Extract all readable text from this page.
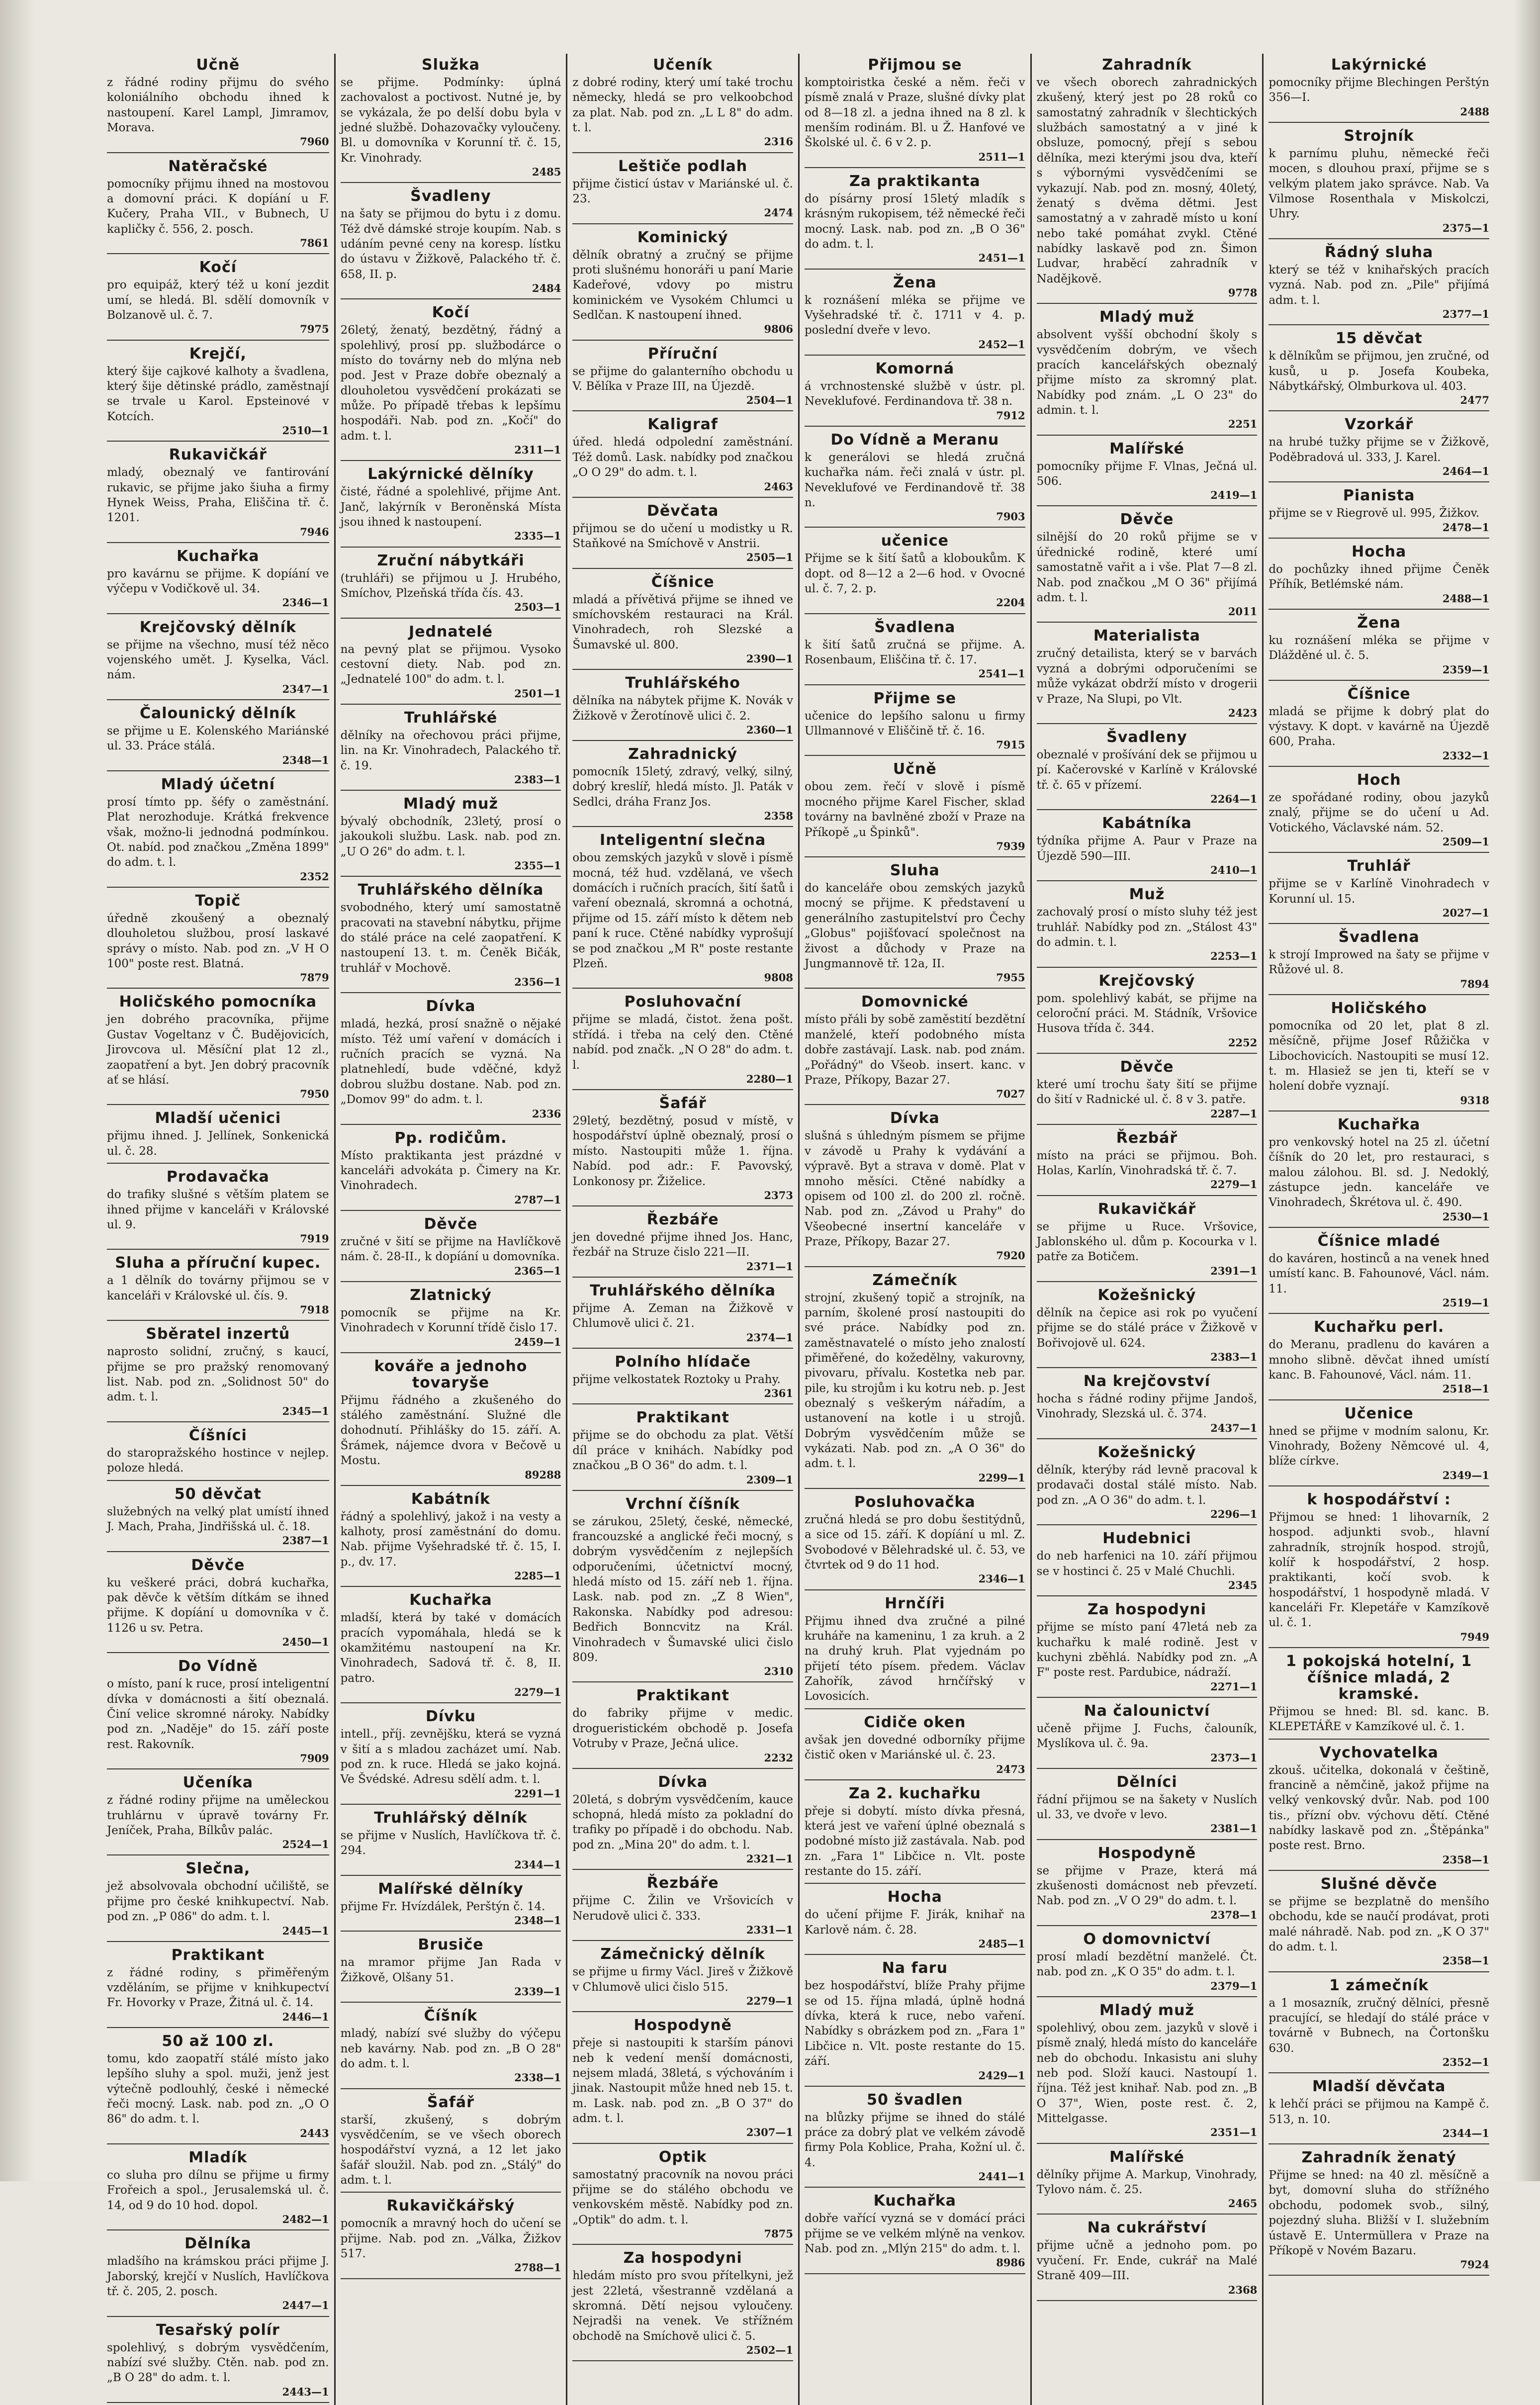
Učně

z řádné rodiny přijmu do svého koloniálního obchodu ihned k nastoupení. Karel Lampl, Jimramov, Morava.

7960
Natěračské

pomocníky přijmu ihned na mostovou a domovní práci. K dopíání u F. Kučery, Praha VII., v Bubnech, U kapličky č. 556, 2. posch.

7861
Kočí

pro equipáž, který též u koní jezdit umí, se hledá. Bl. sdělí domovník v Bolzanově ul. č. 7.

7975
Krejčí,

který šije cajkové kalhoty a švadlena, který šije dětinské prádlo, zaměstnají se trvale u Karol. Epsteinové v Kotcích.

2510—1
Rukavičkář

mladý, obeznalý ve fantirování rukavic, se přijme jako šiuha a firmy Hynek Weiss, Praha, Eliščina tř. č. 1201.

7946
Kuchařka

pro kavárnu se přijme. K dopíání ve výčepu v Vodičkově ul. 34.

2346—1
Krejčovský dělník

se přijme na všechno, musí též něco vojenského umět. J. Kyselka, Václ. nám.

2347—1
Čalounický dělník

se přijme u E. Kolenského Mariánské ul. 33. Práce stálá.

2348—1
Mladý účetní

prosí tímto pp. šéfy o zaměstnání. Plat nerozhoduje. Krátká frekvence však, možno-li jednodná podmínkou. Ot. nabíd. pod značkou „Změna 1899" do adm. t. l.

2352
Topič

úředně zkoušený a obeznalý dlouholetou službou, prosí laskavé správy o místo. Nab. pod zn. „V H O 100" poste rest. Blatná.

7879
Holičského pomocníka

jen dobrého pracovníka, přijme Gustav Vogeltanz v Č. Budějovicích, Jirovcova ul. Měsíční plat 12 zl., zaopatření a byt. Jen dobrý pracovník ať se hlásí.

7950
Mladší učenici

přijmu ihned. J. Jellínek, Sonkenická ul. č. 28.

Prodavačka

do trafiky slušné s větším platem se ihned přijme v kanceláři v Královské ul. 9.

7919
Sluha a příruční kupec.

a 1 dělník do továrny přijmou se v kanceláři v Královské ul. čís. 9.

7918
Sběratel inzertů

naprosto solidní, zručný, s kaucí, přijme se pro pražský renomovaný list. Nab. pod zn. „Solidnost 50" do adm. t. l.

2345—1
Číšníci

do staropražského hostince v nejlep. poloze hledá.

50 děvčat

služebných na velký plat umístí ihned J. Mach, Praha, Jindřišská ul. č. 18.

2387—1
Děvče

ku veškeré práci, dobrá kuchařka, pak děvče k větším dítkám se ihned přijme. K dopíání u domovníka v č. 1126 u sv. Petra.

2450—1
Do Vídně

o místo, paní k ruce, prosí inteligentní dívka v domácnosti a šití obeznalá. Činí velice skromné nároky. Nabídky pod zn. „Naděje" do 15. září poste rest. Rakovník.

7909
Učeníka

z řádné rodiny přijme na uměleckou truhlárnu v úpravě továrny Fr. Jeníček, Praha, Bílkův palác.

2524—1
Slečna,

jež absolvovala obchodní učiliště, se přijme pro české knihkupectví. Nab. pod zn. „P 086" do adm. t. l.

2445—1
Praktikant

z řádné rodiny, s přiměřeným vzděláním, se přijme v knihkupectví Fr. Hovorky v Praze, Žitná ul. č. 14.

2446—1
50 až 100 zl.

tomu, kdo zaopatří stálé místo jako lepšího sluhy a spol. muži, jenž jest výtečně podlouhlý, české i německé řeči mocný. Lask. nab. pod zn. „O O 86" do adm. t. l.

2443
Mladík

co sluha pro dílnu se přijme u firmy Frořeich a spol., Jerusalemská ul. č. 14, od 9 do 10 hod. dopol.

2482—1
Dělníka

mladšího na krámskou práci přijme J. Jaborský, krejčí v Nuslích, Havlíčkova tř. č. 205, 2. posch.

2447—1
Tesařský polír

spolehlivý, s dobrým vysvědčením, nabízí své služby. Ctěn. nab. pod zn. „B O 28" do adm. t. l.

2443—1
Služka

se přijme. Podmínky: úplná zachovalost a poctivost. Nutné je, by se vykázala, že po delší dobu byla v jedné službě. Dohazovačky vyloučeny. Bl. u domovníka v Korunní tř. č. 15, Kr. Vinohrady.

2485
Švadleny

na šaty se přijmou do bytu i z domu. Též dvě dámské stroje koupím. Nab. s udáním pevné ceny na koresp. lístku do ústavu v Žižkově, Palackého tř. č. 658, II. p.

2484
Kočí

26letý, ženatý, bezdětný, řádný a spolehlivý, prosí pp. službodárce o místo do továrny neb do mlýna neb pod. Jest v Praze dobře obeznalý a dlouholetou vysvědčení prokázati se může. Po případě třebas k lepšímu hospodáři. Nab. pod zn. „Kočí" do adm. t. l.

2311—1
Lakýrnické dělníky

čisté, řádné a spolehlivé, přijme Ant. Janč, lakýrník v Beroněnská Místa jsou ihned k nastoupení.

2335—1
Zruční nábytkáři

(truhláři) se přijmou u J. Hrubého, Smíchov, Plzeňská třída čís. 43.

2503—1
Jednatelé

na pevný plat se přijmou. Vysoko cestovní diety. Nab. pod zn. „Jednatelé 100" do adm. t. l.

2501—1
Truhlářské

dělníky na ořechovou práci přijme, lin. na Kr. Vinohradech, Palackého tř. č. 19.

2383—1
Mladý muž

bývalý obchodník, 23letý, prosí o jakoukoli službu. Lask. nab. pod zn. „U O 26" do adm. t. l.

2355—1
Truhlářského dělníka

svobodného, který umí samostatně pracovati na stavební nábytku, přijme do stálé práce na celé zaopatření. K nastoupení 13. t. m. Čeněk Bičák, truhlář v Mochově.

2356—1
Dívka

mladá, hezká, prosí snažně o nějaké místo. Též umí vaření v domácích i ručních pracích se vyzná. Na platnehledí, bude vděčné, když dobrou službu dostane. Nab. pod zn. „Domov 99" do adm. t. l.

2336
Pp. rodičům.

Místo praktikanta jest prázdné v kanceláři advokáta p. Čimery na Kr. Vinohradech.

2787—1
Děvče

zručné v šití se přijme na Havlíčkově nám. č. 28-II., k dopíání u domovníka.

2365—1
Zlatnický

pomocník se přijme na Kr. Vinohradech v Korunní třídě čislo 17.

2459—1
kováře a jednoho tovaryše

Přijmu řádného a zkušeného do stálého zaměstnání. Služné dle dohodnutí. Přihlášky do 15. září. A. Šrámek, nájemce dvora v Bečově u Mostu.

89288
Kabátník

řádný a spolehlivý, jakož i na vesty a kalhoty, prosí zaměstnání do domu. Nab. přijme Vyšehradské tř. č. 15, I. p., dv. 17.

2285—1
Kuchařka

mladší, která by také v domácích pracích vypomáhala, hledá se k okamžitému nastoupení na Kr. Vinohradech, Sadová tř. č. 8, II. patro.

2279—1
Dívku

intell., příj. zevnějšku, která se vyzná v šití a s mladou zacházet umí. Nab. pod zn. k ruce. Hledá se jako kojná. Ve Švédské. Adresu sdělí adm. t. l.

2291—1
Truhlářský dělník

se přijme v Nuslích, Havlíčkova tř. č. 294.

2344—1
Malířské dělníky

přijme Fr. Hvízdálek, Perštýn č. 14.

2348—1
Brusiče

na mramor přijme Jan Rada v Žižkově, Olšany 51.

2339—1
Číšník

mladý, nabízí své služby do výčepu neb kavárny. Nab. pod zn. „B O 28" do adm. t. l.

2338—1
Šafář

starší, zkušený, s dobrým vysvědčením, se ve všech oborech hospodářství vyzná, a 12 let jako šafář sloužil. Nab. pod zn. „Stálý" do adm. t. l.

Rukavičkářský

pomocník a mravný hoch do učení se přijme. Nab. pod zn. „Válka, Žižkov 517.

2788—1
Učeník

z dobré rodiny, který umí také trochu německy, hledá se pro velkoobchod za plat. Nab. pod zn. „L L 8" do adm. t. l.

2316
Leštiče podlah

přijme čisticí ústav v Mariánské ul. č. 23.

2474
Kominický

dělník obratný a zručný se přijme proti slušnému honoráři u paní Marie Kadeřové, vdovy po mistru kominickém ve Vysokém Chlumci u Sedlčan. K nastoupení ihned.

9806
Příruční

se přijme do galanterního obchodu u V. Bělíka v Praze III, na Újezdě.

2504—1
Kaligraf

úřed. hledá odpolední zaměstnání. Též domů. Lask. nabídky pod značkou „O O 29" do adm. t. l.

2463
Děvčata

přijmou se do učení u modistky u R. Staňkové na Smíchově v Anstrii.

2505—1
Číšnice

mladá a přívětivá přijme se ihned ve smíchovském restauraci na Král. Vinohradech, roh Slezské a Šumavské ul. 800.

2390—1
Truhlářského

dělníka na nábytek přijme K. Novák v Žižkově v Žerotínově ulici č. 2.

2360—1
Zahradnický

pomocník 15letý, zdravý, velký, silný, dobrý kreslíř, hledá místo. Jl. Paták v Sedlci, dráha Franz Jos.

2358
Inteligentní slečna

obou zemských jazyků v slově i písmě mocná, též hud. vzdělaná, ve všech domácích i ručních pracích, šití šatů i vaření obeznalá, skromná a ochotná, přijme od 15. září místo k dětem neb paní k ruce. Ctěné nabídky vyprošují se pod značkou „M R" poste restante Plzeň.

9808
Posluhovační

přijme se mladá, čistot. žena pošt. střídá. i třeba na celý den. Ctěné nabíd. pod značk. „N O 28" do adm. t. l.

2280—1
Šafář

29letý, bezdětný, posud v místě, v hospodářství úplně obeznalý, prosí o místo. Nastoupiti může 1. října. Nabíd. pod adr.: F. Pavovský, Lonkonosy pr. Žiželice.

2373
Řezbáře

jen dovedné přijme ihned Jos. Hanc, řezbář na Struze čislo 221—II.

2371—1
Truhlářského dělníka

přijme A. Zeman na Žižkově v Chlumově ulici č. 21.

2374—1
Polního hlídače

přijme velkostatek Roztoky u Prahy.

2361
Praktikant

přijme se do obchodu za plat. Větší díl práce v knihách. Nabídky pod značkou „B O 36" do adm. t. l.

2309—1
Vrchní číšník

se zárukou, 25letý, české, německé, francouzské a anglické řeči mocný, s dobrým vysvědčením z nejlepších odporučeními, účetnictví mocný, hledá místo od 15. září neb 1. října. Lask. nab. pod zn. „Z 8 Wien", Rakonska. Nabídky pod adresou: Bedřich Bonncvitz na Král. Vinohradech v Šumavské ulici čislo 809.

2310
Praktikant

do fabriky přijme v medic. drogueristickém obchodě p. Josefa Votruby v Praze, Ječná ulice.

2232
Dívka

20letá, s dobrým vysvědčením, kauce schopná, hledá místo za pokladní do trafiky po případě i do obchodu. Nab. pod zn. „Mina 20" do adm. t. l.

2321—1
Řezbáře

přijme C. Žilin ve Vršovicích v Nerudově ulici č. 333.

2331—1
Zámečnický dělník

se přijme u firmy Václ. Jireš v Žižkově v Chlumově ulici čislo 515.

2279—1
Hospodyně

přeje si nastoupiti k starším pánovi neb k vedení menší domácnosti, nejsem mladá, 38letá, s výchováním i jinak. Nastoupit může hned neb 15. t. m. Lask. nab. pod zn. „B O 37" do adm. t. l.

2307—1
Optik

samostatný pracovník na novou práci přijme se do stálého obchodu ve venkovském městě. Nabídky pod zn. „Optik" do adm. t. l.

7875
Za hospodyni

hledám místo pro svou přítelkyni, jež jest 22letá, všestranně vzdělaná a skromná. Dětí nejsou vyloučeny. Nejradši na venek. Ve střížném obchodě na Smíchově ulici č. 5.

2502—1
Přijmou se

komptoiristka české a něm. řeči v písmě znalá v Praze, slušné dívky plat od 8—18 zl. a jedna ihned na 8 zl. k menším rodinám. Bl. u Ž. Hanfové ve Školské ul. č. 6 v 2. p.

2511—1
Za praktikanta

do písárny prosí 15letý mladík s krásným rukopisem, též německé řeči mocný. Lask. nab. pod zn. „B O 36" do adm. t. l.

2451—1
Žena

k roznášení mléka se přijme ve Vyšehradské tř. č. 1711 v 4. p. poslední dveře v levo.

2452—1
Komorná

á vrchnostenské službě v ústr. pl. Neveklufové. Ferdinandova tř. 38 n.

7912
Do Vídně a Meranu

k generálovi se hledá zručná kuchařka nám. řeči znalá v ústr. pl. Neveklufové ve Ferdinandově tř. 38 n.

7903
učenice

Přijme se k šití šatů a kloboukům. K dopt. od 8—12 a 2—6 hod. v Ovocné ul. č. 7, 2. p.

2204
Švadlena

k šití šatů zručná se přijme. A. Rosenbaum, Eliščina tř. č. 17.

2541—1
Přijme se

učenice do lepšího salonu u firmy Ullmannové v Eliščině tř. č. 16.

7915
Učně

obou zem. řečí v slově i písmě mocného přijme Karel Fischer, sklad továrny na bavlněné zboží v Praze na Příkopě „u Špinků".

7939
Sluha

do kanceláře obou zemských jazyků mocný se přijme. K představení u generálního zastupitelství pro Čechy „Globus" pojišťovací společnost na živost a důchody v Praze na Jungmannově tř. 12a, II.

7955
Domovnické

místo přáli by sobě zaměstití bezdětní manželé, kteří podobného místa dobře zastávají. Lask. nab. pod znám. „Pořádný" do Všeob. insert. kanc. v Praze, Příkopy, Bazar 27.

7027
Dívka

slušná s úhledným písmem se přijme v závodě u Prahy k vydávání a výpravě. Byt a strava v domě. Plat v mnoho měsíci. Ctěné nabídky a opisem od 100 zl. do 200 zl. ročně. Nab. pod zn. „Závod u Prahy" do Všeobecné insertní kanceláře v Praze, Příkopy, Bazar 27.

7920
Zámečník

strojní, zkušený topič a strojník, na parním, školené prosí nastoupiti do své práce. Nabídky pod zn. zaměstnavatelé o místo jeho znalostí přiměřené, do kožedělny, vakurovny, pivovaru, přívalu. Kostetka neb par. pile, ku strojům i ku kotru neb. p. Jest obeznalý s veškerým nářadím, a ustanovení na kotle i u strojů. Dobrým vysvědčením může se vykázati. Nab. pod zn. „A O 36" do adm. t. l.

2299—1
Posluhovačka

zručná hledá se pro dobu šestitýdnů, a sice od 15. září. K dopíání u ml. Z. Svobodové v Bělehradské ul. č. 53, ve čtvrtek od 9 do 11 hod.

2346—1
Hrnčíři

Přijmu ihned dva zručné a pilné kruháře na kameninu, 1 za kruh. a 2 na druhý kruh. Plat vyjednám po přijetí této písem. předem. Václav Zahořík, závod hrnčířský v Lovosicích.

Cidiče oken

avšak jen dovedné odborníky přijme čistič oken v Mariánské ul. č. 23.

2473
Za 2. kuchařku

přeje si dobytí. místo dívka přesná, která jest ve vaření úplné obeznalá s podobné místo již zastávala. Nab. pod zn. „Fara 1" Libčice n. Vlt. poste restante do 15. září.

Hocha

do učení přijme F. Jirák, knihař na Karlově nám. č. 28.

2485—1
Na faru

bez hospodářství, blíže Prahy přijme se od 15. října mladá, úplně hodná dívka, která k ruce, nebo vaření. Nabídky s obrázkem pod zn. „Fara 1" Libčice n. Vlt. poste restante do 15. září.

2429—1
50 švadlen

na blůzky přijme se ihned do stálé práce za dobrý plat ve velkém závodě firmy Pola Koblice, Praha, Kožní ul. č. 4.

2441—1
Kuchařka

dobře vařící vyzná se v domácí práci přijme se ve velkém mlýně na venkov. Nab. pod zn. „Mlýn 215" do adm. t. l.

8986
Zahradník

ve všech oborech zahradnických zkušený, který jest po 28 roků co samostatný zahradník v šlechtických službách samostatný a v jiné k obsluze, pomocný, přejí s sebou dělníka, mezi kterými jsou dva, kteří s výbornými vysvědčeními se vykazují. Nab. pod zn. mosný, 40letý, ženatý s dvěma dětmi. Jest samostatný a v zahradě místo u koní nebo také pomáhat zvykl. Ctěné nabídky laskavě pod zn. Šimon Ludvar, hraběcí zahradník v Nadějkově.

9778
Mladý muž

absolvent vyšší obchodní školy s vysvědčením dobrým, ve všech pracích kancelářských obeznalý přijme místo za skromný plat. Nabídky pod znám. „L O 23" do admin. t. l.

2251
Malířské

pomocníky přijme F. Vlnas, Ječná ul. 506.

2419—1
Děvče

silnější do 20 roků přijme se v úřednické rodině, které umí samostatně vařit a i vše. Plat 7—8 zl. Nab. pod značkou „M O 36" přijímá adm. t. l.

2011
Materialista

zručný detailista, který se v barvách vyzná a dobrými odporučeními se může vykázat obdrží místo v drogerii v Praze, Na Slupi, po Vlt.

2423
Švadleny

obeznalé v prošívání dek se přijmou u pí. Kačerovské v Karlíně v Královské tř. č. 65 v přízemí.

2264—1
Kabátníka

týdníka přijme A. Paur v Praze na Újezdě 590—III.

2410—1
Muž

zachovalý prosí o místo sluhy též jest truhlář. Nabídky pod zn. „Stálost 43" do admin. t. l.

2253—1
Krejčovský

pom. spolehlivý kabát, se přijme na celoroční práci. M. Stádník, Vršovice Husova třída č. 344.

2252
Děvče

které umí trochu šaty šití se přijme do šití v Radnické ul. č. 8 v 3. patře.

2287—1
Řezbář

místo na práci se přijmou. Boh. Holas, Karlín, Vinohradská tř. č. 7.

2279—1
Rukavičkář

se přijme u Ruce. Vršovice, Jablonského ul. dům p. Kocourka v l. patře za Botičem.

2391—1
Kožešnický

dělník na čepice asi rok po vyučení přijme se do stálé práce v Žižkově v Bořivojově ul. 624.

2383—1
Na krejčovství

hocha s řádné rodiny přijme Jandoš, Vinohrady, Slezská ul. č. 374.

2437—1
Kožešnický

dělník, kterýby rád levně pracoval k prodavači dostal stálé místo. Nab. pod zn. „A O 36" do adm. t. l.

2296—1
Hudebnici

do neb harfenici na 10. září přijmou se v hostinci č. 25 v Malé Chuchli.

2345
Za hospodyni

přijme se místo paní 47letá neb za kuchařku k malé rodině. Jest v kuchyni zběhlá. Nabídky pod zn. „A F" poste rest. Pardubice, nádraží.

2271—1
Na čalounictví

učeně přijme J. Fuchs, čalouník, Myslíkova ul. č. 9a.

2373—1
Dělníci

řádní přijmou se na šakety v Nuslích ul. 33, ve dvoře v levo.

2381—1
Hospodyně

se přijme v Praze, která má zkušenosti domácnost neb převzetí. Nab. pod zn. „V O 29" do adm. t. l.

2378—1
O domovnictví

prosí mladí bezdětní manželé. Čt. nab. pod zn. „K O 35" do adm. t. l.

2379—1
Mladý muž

spolehlivý, obou zem. jazyků v slově i písmě znalý, hledá místo do kanceláře neb do obchodu. Inkasistu ani sluhy neb pod. Složí kauci. Nastoupí 1. října. Též jest knihař. Nab. pod zn. „B O 37", Wien, poste rest. č. 2, Mittelgasse.

2351—1
Malířské

dělníky přijme A. Markup, Vinohrady, Tylovo nám. č. 25.

2465
Na cukrářství

přijme učně a jednoho pom. po vyučení. Fr. Ende, cukrář na Malé Straně 409—III.

2368
Lakýrnické

pomocníky přijme Blechingen Perštýn 356—I.

2488
Strojník

k parnímu pluhu, německé řeči mocen, s dlouhou praxí, přijme se s velkým platem jako správce. Nab. Va Vilmose Rosenthala v Miskolczi, Uhry.

2375—1
Řádný sluha

který se též v knihařských pracích vyzná. Nab. pod zn. „Pile" přijímá adm. t. l.

2377—1
15 děvčat

k dělníkům se přijmou, jen zručné, od kusů, u p. Josefa Koubeka, Nábytkářský, Olmburkova ul. 403.

2477
Vzorkář

na hrubé tužky přijme se v Žižkově, Poděbradová ul. 333, J. Karel.

2464—1
Pianista

přijme se v Riegrově ul. 995, Žižkov.

2478—1
Hocha

do pochůzky ihned přijme Čeněk Příhík, Betlémské nám.

2488—1
Žena

ku roznášení mléka se přijme v Dlážděné ul. č. 5.

2359—1
Číšnice

mladá se přijme k dobrý plat do výstavy. K dopt. v kavárně na Újezdě 600, Praha.

2332—1
Hoch

ze spořádané rodiny, obou jazyků znalý, přijme se do učení u Ad. Votického, Václavské nám. 52.

2509—1
Truhlář

přijme se v Karlíně Vinohradech v Korunní ul. 15.

2027—1
Švadlena

k strojí Improwed na šaty se přijme v Růžové ul. 8.

7894
Holičského

pomocníka od 20 let, plat 8 zl. měsíčně, přijme Josef Růžička v Libochovicích. Nastoupiti se musí 12. t. m. Hlasiež se jen ti, kteří se v holení dobře vyznají.

9318
Kuchařka

pro venkovský hotel na 25 zl. účetní číšník do 20 let, pro restauraci, s malou zálohou. Bl. sd. J. Nedoklý, zástupce jedn. kanceláře ve Vinohradech, Škrétova ul. č. 490.

2530—1
Číšnice mladé

do kaváren, hostinců a na venek hned umístí kanc. B. Fahounové, Václ. nám. 11.

2519—1
Kuchařku perl.

do Meranu, pradlenu do kaváren a mnoho slibně. děvčat ihned umístí kanc. B. Fahounové, Václ. nám. 11.

2518—1
Učenice

hned se přijme v modním salonu, Kr. Vinohrady, Boženy Němcové ul. 4, blíže církve.

2349—1
k hospodářství :

Přijmou se hned: 1 lihovarník, 2 hospod. adjunkti svob., hlavní zahradník, strojník hospod. strojů, kolíř k hospodářství, 2 hosp. praktikanti, kočí svob. k hospodářství, 1 hospodyně mladá. V kanceláři Fr. Klepetáře v Kamzíkově ul. č. 1.

7949
1 pokojská hotelní, 1 číšnice mladá, 2 kramské.

Přijmou se hned: Bl. sd. kanc. B. KLEPETÁŘE v Kamzíkové ul. č. 1.

Vychovatelka

zkouš. učitelka, dokonalá v češtině, francině a němčině, jakož přijme na velký venkovský dvůr. Nab. pod 100 tis., přízní obv. výchovu dětí. Ctěné nabídky laskavě pod zn. „Štěpánka" poste rest. Brno.

2358—1
Slušné děvče

se přijme se bezplatně do menšího obchodu, kde se naučí prodávat, proti malé náhradě. Nab. pod zn. „K O 37" do adm. t. l.

2358—1
1 zámečník

a 1 mosazník, zručný dělníci, přesně pracující, se hledají do stálé práce v továrně v Bubnech, na Čortonšku 630.

2352—1
Mladší děvčata

k lehčí práci se přijmou na Kampě č. 513, n. 10.

2344—1
Zahradník ženatý

Přijme se hned: na 40 zl. měsíčně a byt, domovní sluha do střížného obchodu, podomek svob., silný, pojezdný sluha. Bližší v I. služebním ústavě E. Untermüllera v Praze na Příkopě v Novém Bazaru.

7924
